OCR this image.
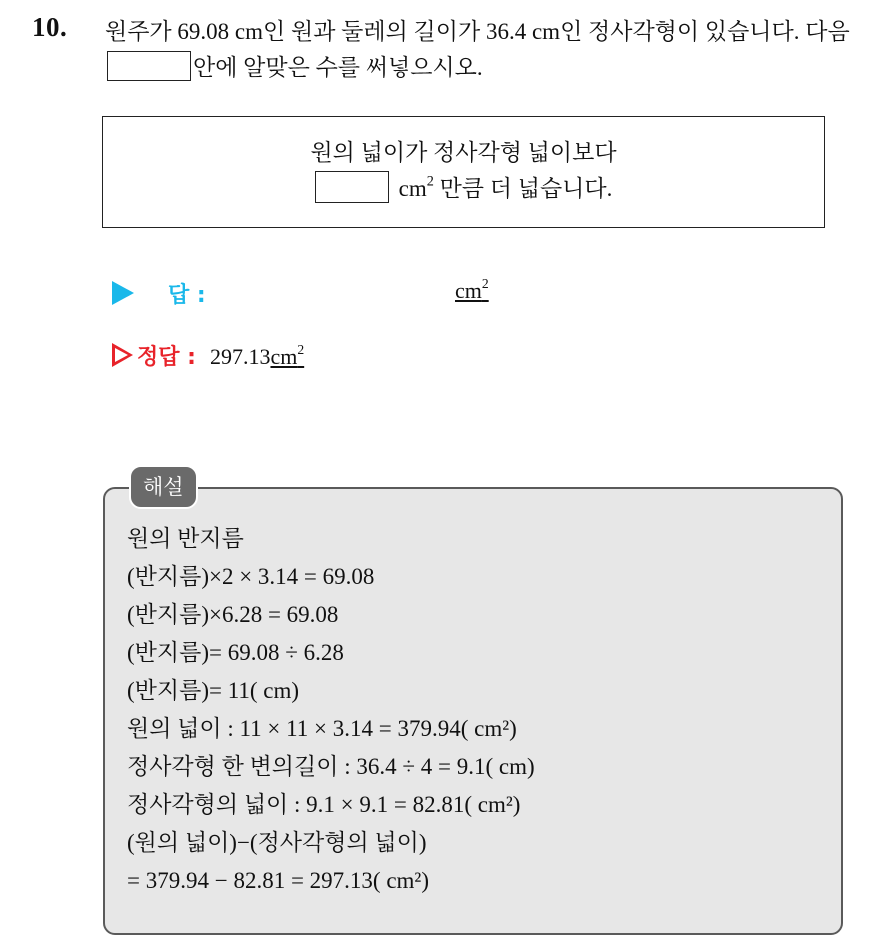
10. 원주가 69.08 cm인 원과 둘레의 길이가 36.4 cm인 정사각형이 있습니다. 다음 안에 알맞은 수를 써넣으시오.
원의 넓이가 정사각형 넓이보다
$cm^2$ 만큼 더 넓습니다.
답 :	$cm^2$
정답 : $297.13cm^2$
해설
원의 반지름
(반지름)×2 × 3.14 = 69.08
(반지름)×6.28 = 69.08
(반지름)= 69.08 ÷ 6.28
(반지름)= 11( cm)
원의 넓이 : 11 × 11 × 3.14 = 379.94( cm²)
정사각형 한 변의길이 : 36.4 ÷ 4 = 9.1( cm)
정사각형의 넓이 : 9.1 × 9.1 = 82.81( cm²)
(원의 넓이)−(정사각형의 넓이)
= 379.94 − 82.81 = 297.13( cm²)
